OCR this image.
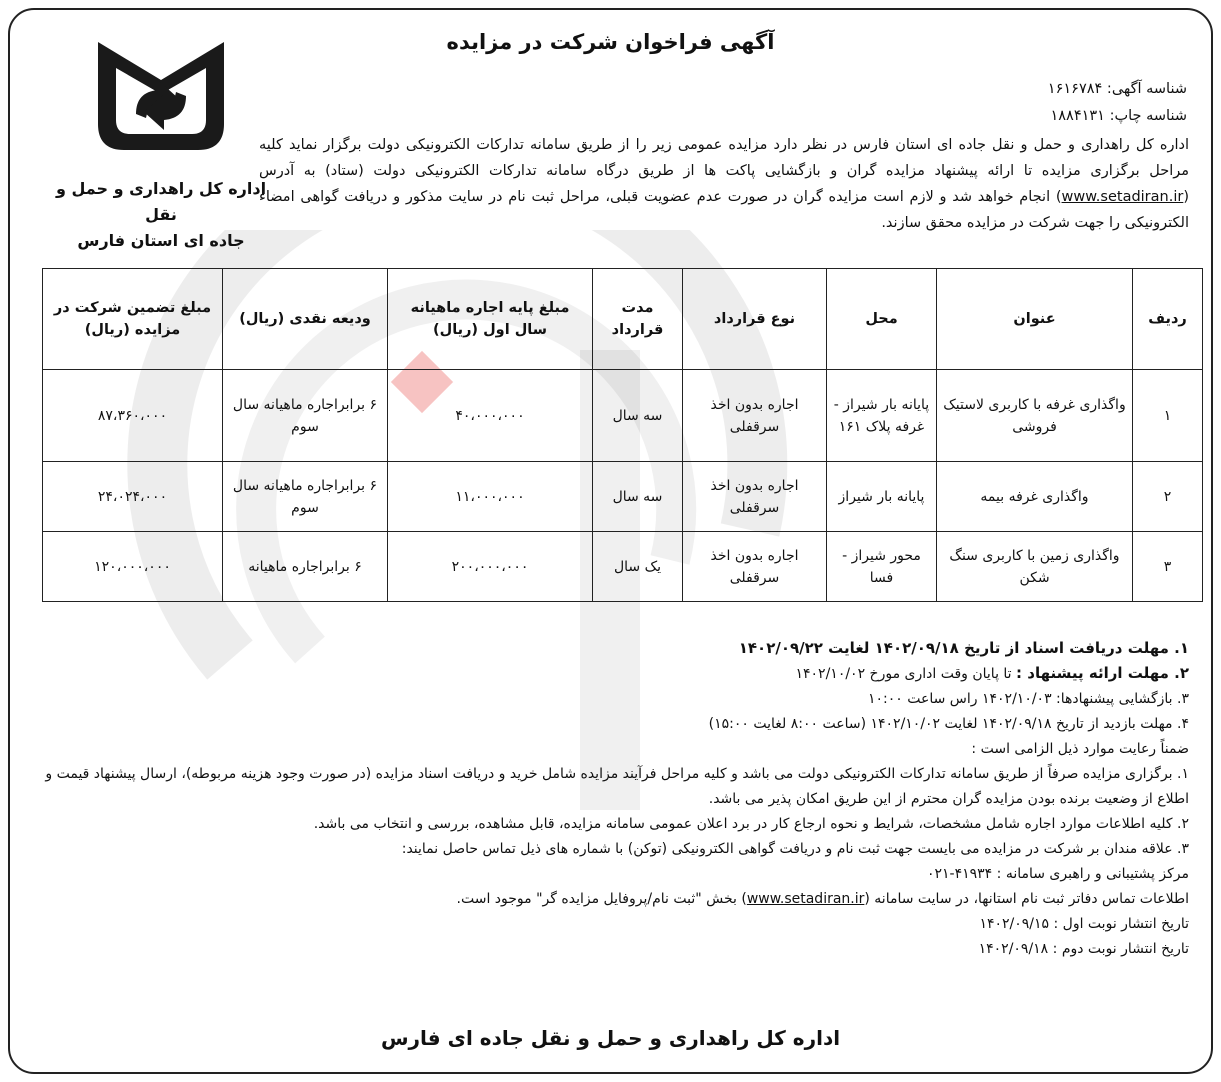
اداره کل راهداری و حمل و نقل
جاده ای استان فارس
آگهی فراخوان شرکت در مزایده
شناسه آگهی: ۱۶۱۶۷۸۴
شناسه چاپ: ۱۸۸۴۱۳۱
اداره کل راهداری و حمل و نقل جاده ای استان فارس در نظر دارد مزایده عمومی زیر را از طریق سامانه تدارکات الکترونیکی دولت برگزار نماید کلیه مراحل برگزاری مزایده تا ارائه پیشنهاد مزایده گران و بازگشایی پاکت ها از طریق درگاه سامانه تدارکات الکترونیکی دولت (ستاد) به آدرس (www.setadiran.ir) انجام خواهد شد و لازم است مزایده گران در صورت عدم عضویت قبلی، مراحل ثبت نام در سایت مذکور و دریافت گواهی امضاء الکترونیکی را جهت شرکت در مزایده محقق سازند.
ردیف	عنوان	محل	نوع قرارداد	مدت قرارداد	مبلغ پایه اجاره ماهیانه سال اول (ریال)	ودیعه نقدی (ریال)	مبلغ تضمین شرکت در مزایده (ریال)
۱	واگذاری غرفه با کاربری لاستیک فروشی	پایانه بار شیراز - غرفه پلاک ۱۶۱	اجاره بدون اخذ سرقفلی	سه سال	۴۰،۰۰۰،۰۰۰	۶ برابراجاره ماهیانه سال سوم	۸۷،۳۶۰،۰۰۰
۲	واگذاری غرفه بیمه	پایانه بار شیراز	اجاره بدون اخذ سرقفلی	سه سال	۱۱،۰۰۰،۰۰۰	۶ برابراجاره ماهیانه سال سوم	۲۴،۰۲۴،۰۰۰
۳	واگذاری زمین با کاربری سنگ شکن	محور شیراز - فسا	اجاره بدون اخذ سرقفلی	یک سال	۲۰۰،۰۰۰،۰۰۰	۶ برابراجاره ماهیانه	۱۲۰،۰۰۰،۰۰۰

۱. مهلت دریافت اسناد از تاریخ ۱۴۰۲/۰۹/۱۸ لغایت ۱۴۰۲/۰۹/۲۲

۲. مهلت ارائه پیشنهاد : تا پایان وقت اداری مورخ ۱۴۰۲/۱۰/۰۲

۳. بازگشایی پیشنهادها: ۱۴۰۲/۱۰/۰۳ راس ساعت ۱۰:۰۰

۴. مهلت بازدید از تاریخ ۱۴۰۲/۰۹/۱۸ لغایت ۱۴۰۲/۱۰/۰۲ (ساعت ۸:۰۰ لغایت ۱۵:۰۰)

ضمناً رعایت موارد ذیل الزامی است :

۱. برگزاری مزایده صرفاً از طریق سامانه تدارکات الکترونیکی دولت می باشد و کلیه مراحل فرآیند مزایده شامل خرید و دریافت اسناد مزایده (در صورت وجود هزینه مربوطه)، ارسال پیشنهاد قیمت و اطلاع از وضعیت برنده بودن مزایده گران محترم از این طریق امکان پذیر می باشد.

۲. کلیه اطلاعات موارد اجاره شامل مشخصات، شرایط و نحوه ارجاع کار در برد اعلان عمومی سامانه مزایده، قابل مشاهده، بررسی و انتخاب می باشد.

۳. علاقه مندان بر شرکت در مزایده می بایست جهت ثبت نام و دریافت گواهی الکترونیکی (توکن) با شماره های ذیل تماس حاصل نمایند:

مرکز پشتیبانی و راهبری سامانه : ۴۱۹۳۴-۰۲۱

اطلاعات تماس دفاتر ثبت نام استانها، در سایت سامانه (www.setadiran.ir) بخش "ثبت نام/پروفایل مزایده گر" موجود است.

تاریخ انتشار نوبت اول : ۱۴۰۲/۰۹/۱۵

تاریخ انتشار نوبت دوم : ۱۴۰۲/۰۹/۱۸

اداره کل راهداری و حمل و نقل جاده ای فارس
